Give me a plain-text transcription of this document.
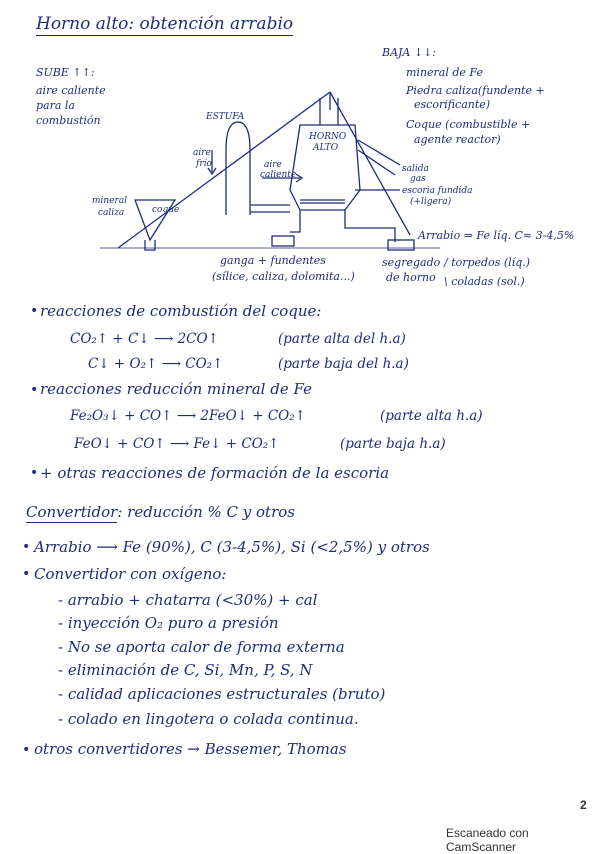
Horno alto: obtención arrabio
SUBE ↑↑:
aire caliente
para la
combustión
BAJA ↓↓:
mineral de Fe
Piedra caliza(fundente +
escorificante)
Coque (combustible +
agente reactor)
ESTUFA
aire
frío	aire
caliente
HORNO
ALTO
salida
gas
escoria fundida
(+ligera)
mineral
caliza	coque
Arrabio ⇒ Fe líq. C≈ 3-4,5%
ganga + fundentes
(sílice, caliza, dolomita...)
segregado
de horno
/ torpedos (líq.)
\ coladas (sol.)
• reacciones de combustión del coque:
CO₂↑ + C↓ ⟶ 2CO↑	(parte alta del h.a)
C↓ + O₂↑ ⟶ CO₂↑	(parte baja del h.a)
• reacciones reducción mineral de Fe
Fe₂O₃↓ + CO↑ ⟶ 2FeO↓ + CO₂↑	(parte alta h.a)
FeO↓ + CO↑ ⟶ Fe↓ + CO₂↑	(parte baja h.a)
• + otras reacciones de formación de la escoria
Convertidor: reducción % C y otros
• Arrabio ⟶ Fe (90%), C (3-4,5%), Si (<2,5%) y otros
• Convertidor con oxígeno:
- arrabio + chatarra (<30%) + cal
- inyección O₂ puro a presión
- No se aporta calor de forma externa
- eliminación de C, Si, Mn, P, S, N
- calidad aplicaciones estructurales (bruto)
- colado en lingotera o colada continua.
• otros convertidores → Bessemer, Thomas
2
Escaneado con CamScanner
